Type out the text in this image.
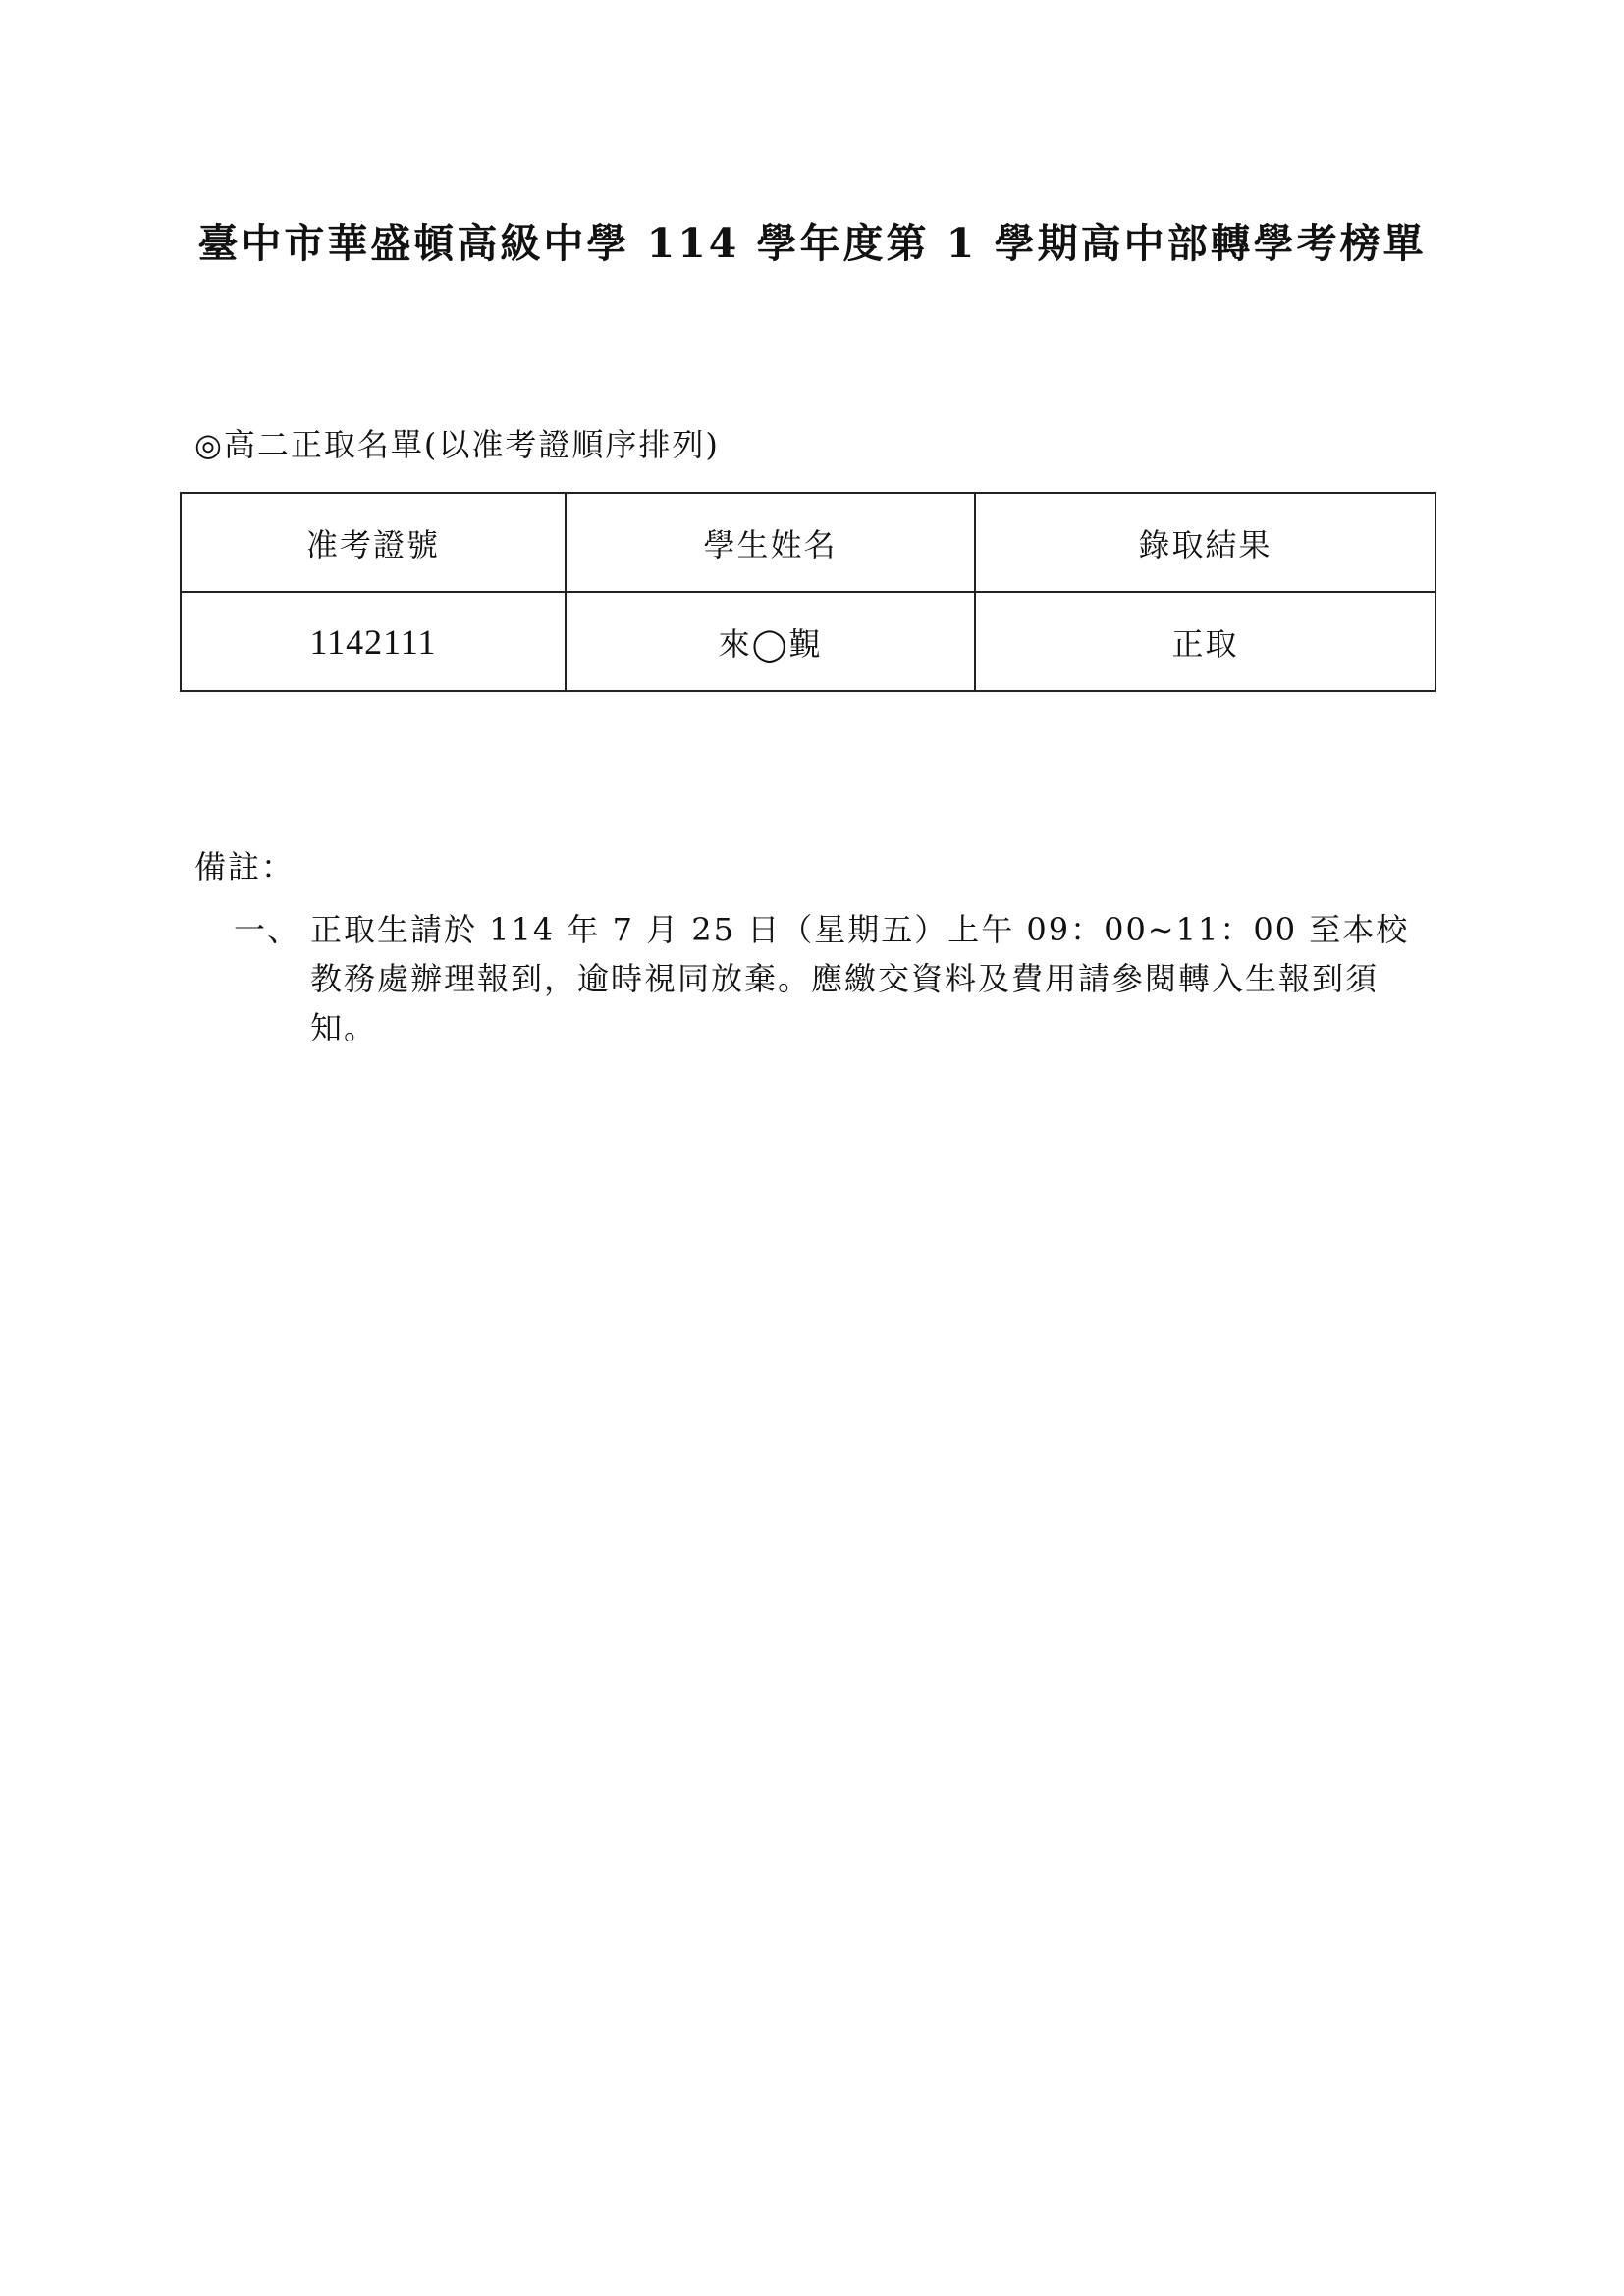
臺中市華盛頓高級中學 114 學年度第 1 學期高中部轉學考榜單
◎高二正取名單(以准考證順序排列)
准考證號	學生姓名	錄取結果
1142111	來◯覲	正取

備註：

一、 正取生請於 114 年 7 月 25 日（星期五）上午 09：00~11：00 至本校教務處辦理報到，逾時視同放棄。應繳交資料及費用請參閱轉入生報到須知。
